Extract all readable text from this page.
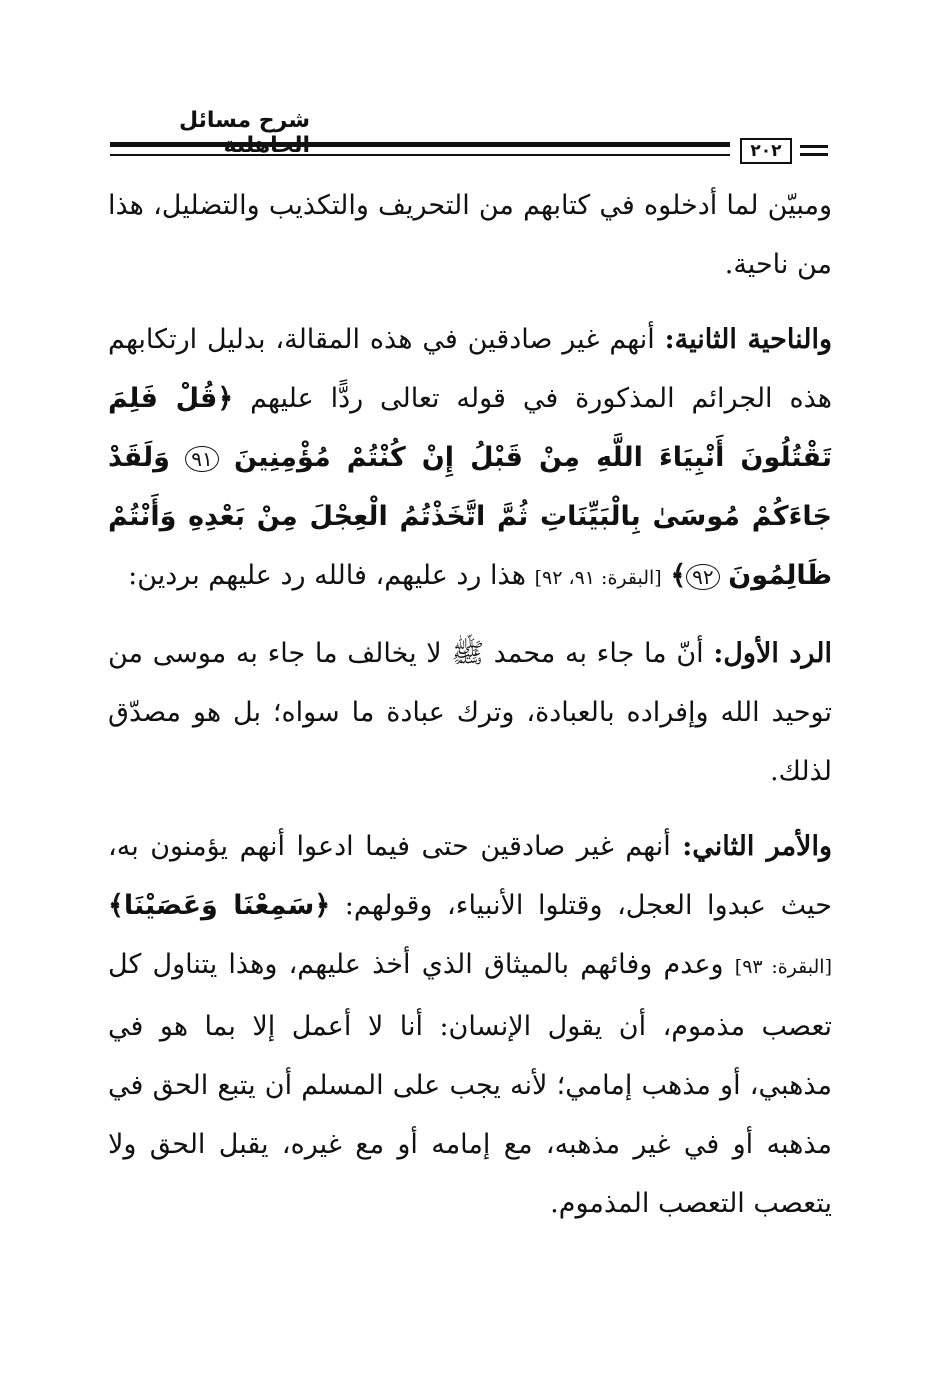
شرح مسائل
٢٠٢

ومبيّن لما أدخلوه في كتابهم من التحريف والتكذيب والتضليل، هذا من ناحية.

والناحية الثانية: أنهم غير صادقين في هذه المقالة، بدليل ارتكابهم هذه الجرائم المذكورة في قوله تعالى ردًّا عليهم ﴿قُلْ فَلِمَ تَقْتُلُونَ أَنْبِيَاءَ اللَّهِ مِنْ قَبْلُ إِنْ كُنْتُمْ مُؤْمِنِينَ ٩١ وَلَقَدْ جَاءَكُمْ مُوسَىٰ بِالْبَيِّنَاتِ ثُمَّ اتَّخَذْتُمُ الْعِجْلَ مِنْ بَعْدِهِ وَأَنْتُمْ ظَالِمُونَ ٩٢﴾ [البقرة: ٩١، ٩٢] هذا رد عليهم، فالله رد عليهم بردين:

الرد الأول: أنّ ما جاء به محمد ﷺ لا يخالف ما جاء به موسى من توحيد الله وإفراده بالعبادة، وترك عبادة ما سواه؛ بل هو مصدّق لذلك.

والأمر الثاني: أنهم غير صادقين حتى فيما ادعوا أنهم يؤمنون به، حيث عبدوا العجل، وقتلوا الأنبياء، وقولهم: ﴿سَمِعْنَا وَعَصَيْنَا﴾ [البقرة: ٩٣] وعدم وفائهم بالميثاق الذي أخذ عليهم، وهذا يتناول كل تعصب مذموم، أن يقول الإنسان: أنا لا أعمل إلا بما هو في مذهبي، أو مذهب إمامي؛ لأنه يجب على المسلم أن يتبع الحق في مذهبه أو في غير مذهبه، مع إمامه أو مع غيره، يقبل الحق ولا يتعصب التعصب المذموم.
